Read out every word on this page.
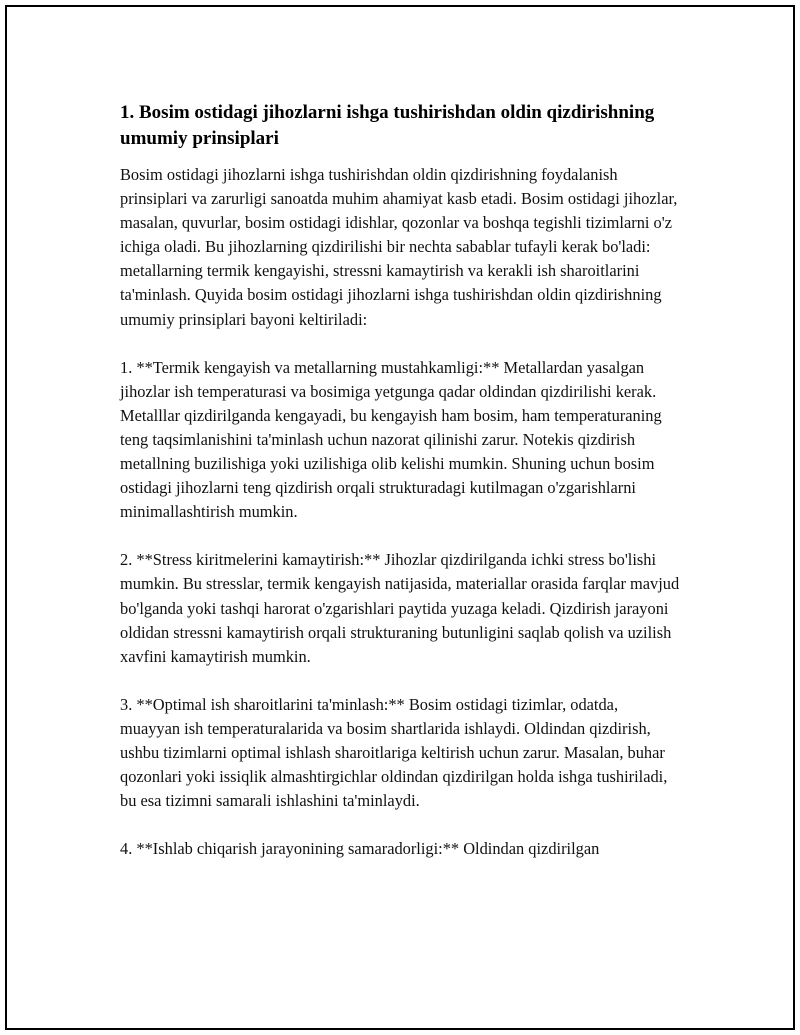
1. Bosim ostidagi jihozlarni ishga tushirishdan oldin qizdirishning umumiy prinsiplari

Bosim ostidagi jihozlarni ishga tushirishdan oldin qizdirishning foydalanish prinsiplari va zarurligi sanoatda muhim ahamiyat kasb etadi. Bosim ostidagi jihozlar, masalan, quvurlar, bosim ostidagi idishlar, qozonlar va boshqa tegishli tizimlarni o'z ichiga oladi. Bu jihozlarning qizdirilishi bir nechta sabablar tufayli kerak bo'ladi: metallarning termik kengayishi, stressni kamaytirish va kerakli ish sharoitlarini ta'minlash. Quyida bosim ostidagi jihozlarni ishga tushirishdan oldin qizdirishning umumiy prinsiplari bayoni keltiriladi:

1. **Termik kengayish va metallarning mustahkamligi:** Metallardan yasalgan jihozlar ish temperaturasi va bosimiga yetgunga qadar oldindan qizdirilishi kerak. Metalllar qizdirilganda kengayadi, bu kengayish ham bosim, ham temperaturaning teng taqsimlanishini ta'minlash uchun nazorat qilinishi zarur. Notekis qizdirish metallning buzilishiga yoki uzilishiga olib kelishi mumkin. Shuning uchun bosim ostidagi jihozlarni teng qizdirish orqali strukturadagi kutilmagan o'zgarishlarni minimallashtirish mumkin.

2. **Stress kiritmelerini kamaytirish:** Jihozlar qizdirilganda ichki stress bo'lishi mumkin. Bu stresslar, termik kengayish natijasida, materiallar orasida farqlar mavjud bo'lganda yoki tashqi harorat o'zgarishlari paytida yuzaga keladi. Qizdirish jarayoni oldidan stressni kamaytirish orqali strukturaning butunligini saqlab qolish va uzilish xavfini kamaytirish mumkin.

3. **Optimal ish sharoitlarini ta'minlash:** Bosim ostidagi tizimlar, odatda, muayyan ish temperaturalarida va bosim shartlarida ishlaydi. Oldindan qizdirish, ushbu tizimlarni optimal ishlash sharoitlariga keltirish uchun zarur. Masalan, buhar qozonlari yoki issiqlik almashtirgichlar oldindan qizdirilgan holda ishga tushiriladi, bu esa tizimni samarali ishlashini ta'minlaydi.

4. **Ishlab chiqarish jarayonining samaradorligi:** Oldindan qizdirilgan
